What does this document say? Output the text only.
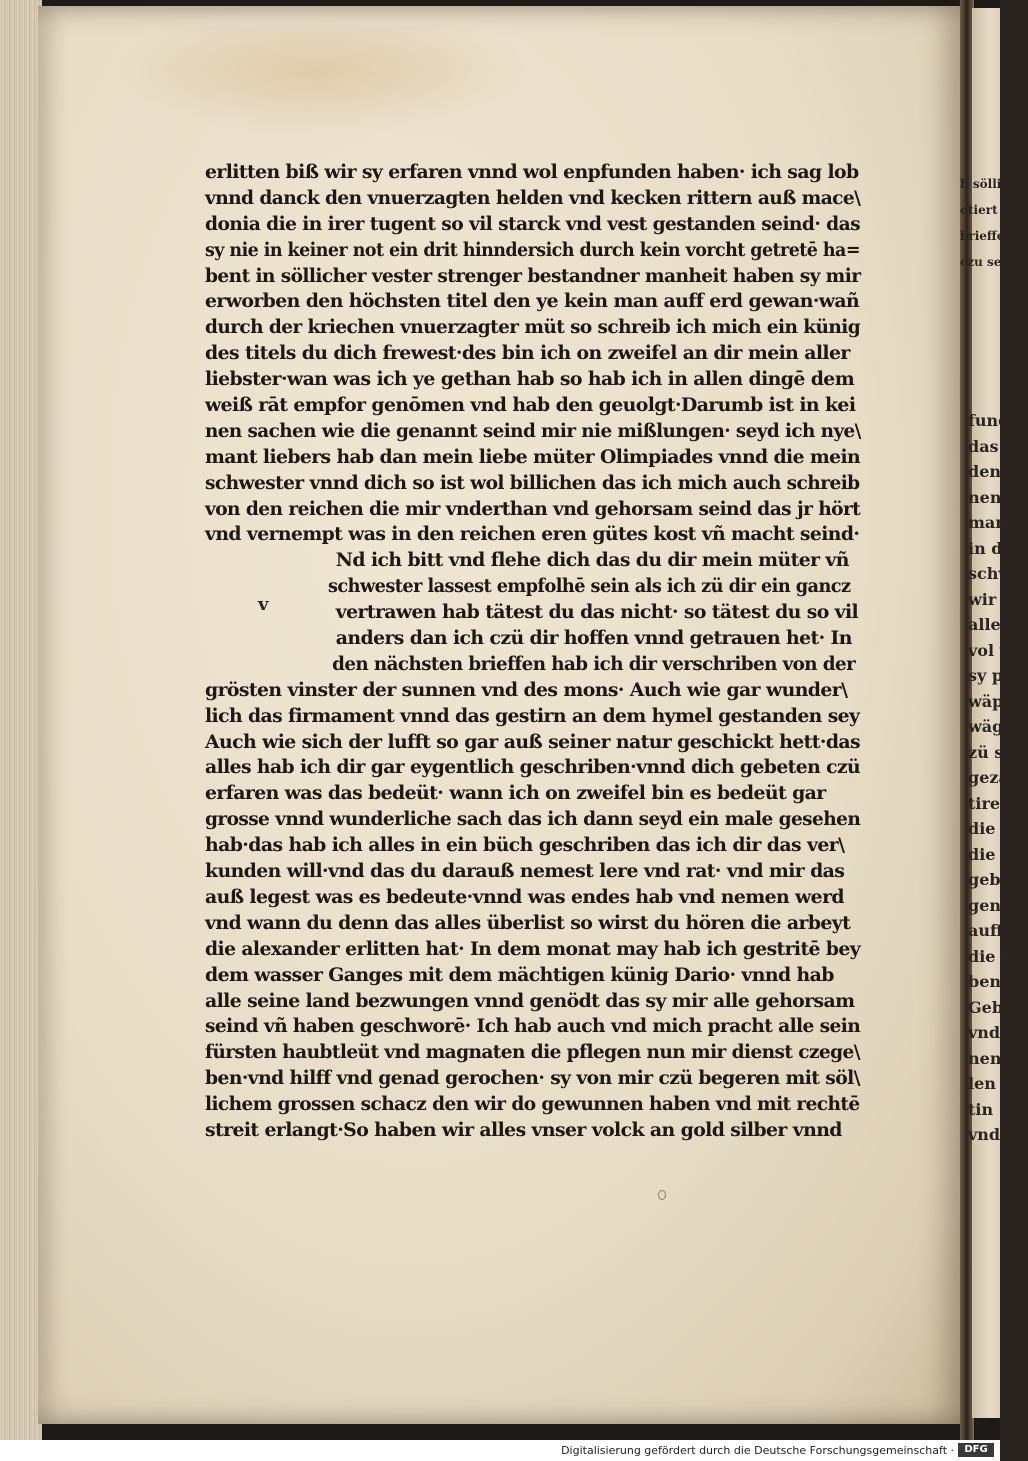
h söllic
otiert
brieffen
czu sey
funde
das n
den se
nen so
mant
in den
schwe
wir e
aller
vol w
sy po
wäpp
wäg
zü st
gezä
tiren
die v
die se
gebe
gen
auff
die h
ben n
Geb
vnd
nen
len
tin
vnd
erlitten biß wir sy erfaren vnnd wol enpfunden haben· ich sag lob
vnnd danck den vnuerzagten helden vnd kecken rittern auß mace\
donia die in irer tugent so vil starck vnd vest gestanden seind· das
sy nie in keiner not ein drit hinndersich durch kein vorcht getretē ha=
bent in söllicher vester strenger bestandner manheit haben sy mir
erworben den höchsten titel den ye kein man auff erd gewan·wañ
durch der kriechen vnuerzagter müt so schreib ich mich ein künig
des titels du dich frewest·des bin ich on zweifel an dir mein aller
liebster·wan was ich ye gethan hab so hab ich in allen dingē dem
weiß rāt empfor genōmen vnd hab den geuolgt·Darumb ist in kei
nen sachen wie die genannt seind mir nie mißlungen· seyd ich nye\
mant liebers hab dan mein liebe müter Olimpiades vnnd die mein
schwester vnnd dich so ist wol billichen das ich mich auch schreib
von den reichen die mir vnderthan vnd gehorsam seind das jr hört
vnd vernempt was in den reichen eren gütes kost vñ macht seind·
Nd ich bitt vnd flehe dich das du dir mein müter vñ
schwester lassest empfolhē sein als ich zü dir ein gancz
vertrawen hab tätest du das nicht· so tätest du so vil
anders dan ich czü dir hoffen vnnd getrauen het· In
den nächsten brieffen hab ich dir verschriben von der
grösten vinster der sunnen vnd des mons· Auch wie gar wunder\
lich das firmament vnnd das gestirn an dem hymel gestanden sey
Auch wie sich der lufft so gar auß seiner natur geschickt hett·das
alles hab ich dir gar eygentlich geschriben·vnnd dich gebeten czü
erfaren was das bedeüt· wann ich on zweifel bin es bedeüt gar
grosse vnnd wunderliche sach das ich dann seyd ein male gesehen
hab·das hab ich alles in ein büch geschriben das ich dir das ver\
kunden will·vnd das du darauß nemest lere vnd rat· vnd mir das
auß legest was es bedeute·vnnd was endes hab vnd nemen werd
vnd wann du denn das alles überlist so wirst du hören die arbeyt
die alexander erlitten hat· In dem monat may hab ich gestritē bey
dem wasser Ganges mit dem mächtigen künig Dario· vnnd hab
alle seine land bezwungen vnnd genödt das sy mir alle gehorsam
seind vñ haben geschworē· Ich hab auch vnd mich pracht alle sein
fürsten haubtleüt vnd magnaten die pflegen nun mir dienst czege\
ben·vnd hilff vnd genad gerochen· sy von mir czü begeren mit söl\
lichem grossen schacz den wir do gewunnen haben vnd mit rechtē
streit erlangt·So haben wir alles vnser volck an gold silber vnnd
v
Digitalisierung gefördert durch die Deutsche Forschungsgemeinschaft ·	DFG
